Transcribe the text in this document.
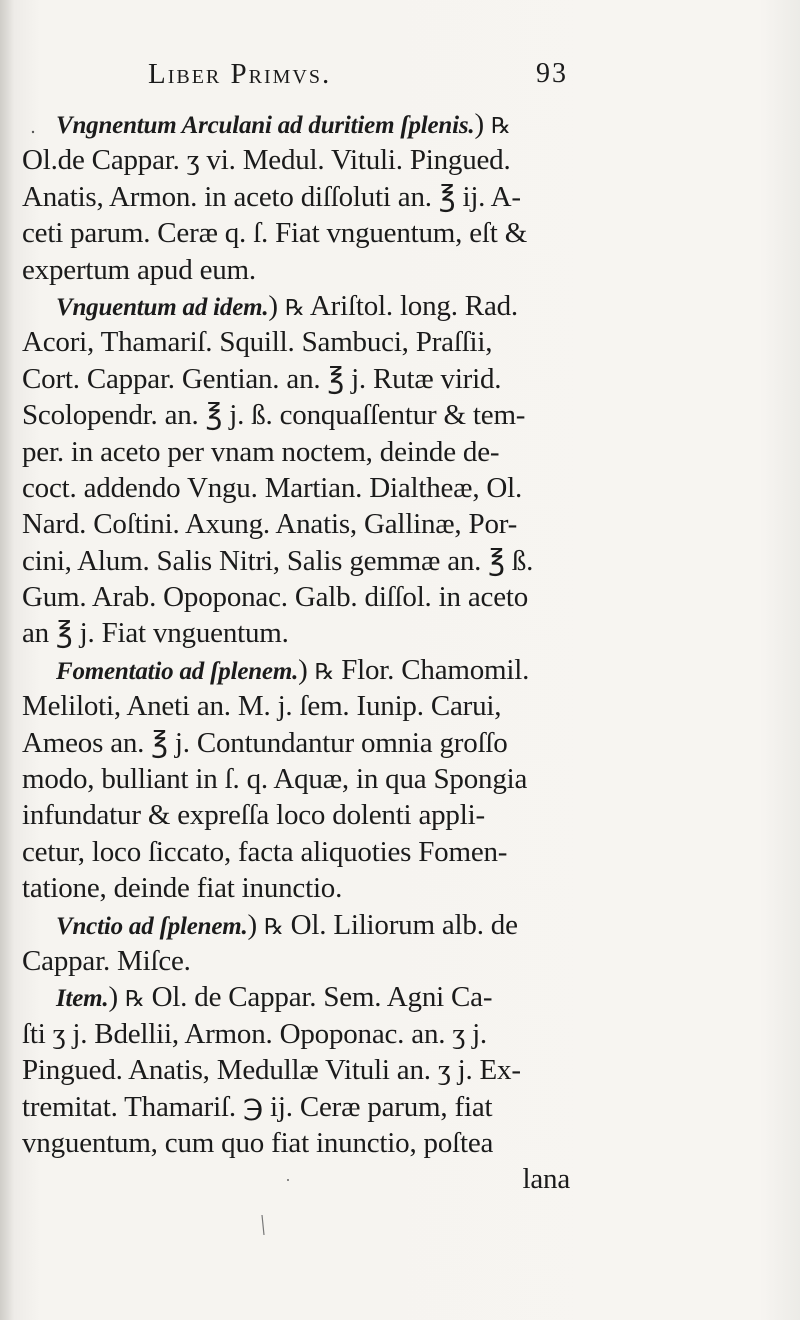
Liber Primvs.	93
Vngnentum Arculani ad duritiem ſplenis.) ℞
Ol.de Cappar. ʒ vi. Medul. Vituli. Pingued.
Anatis, Armon. in aceto diſſoluti an. ℥ ij. A-
ceti parum. Ceræ q. ſ. Fiat vnguentum, eſt &
expertum apud eum.
Vnguentum ad idem.) ℞ Ariſtol. long. Rad.
Acori, Thamariſ. Squill. Sambuci, Praſſii,
Cort. Cappar. Gentian. an. ℥ j. Rutæ virid.
Scolopendr. an. ℥ j. ß. conquaſſentur & tem-
per. in aceto per vnam noctem, deinde de-
coct. addendo Vngu. Martian. Dialtheæ, Ol.
Nard. Coſtini. Axung. Anatis, Gallinæ, Por-
cini, Alum. Salis Nitri, Salis gemmæ an. ℥ ß.
Gum. Arab. Opoponac. Galb. diſſol. in aceto
an ℥ j. Fiat vnguentum.
Fomentatio ad ſplenem.) ℞ Flor. Chamomil.
Meliloti, Aneti an. M. j. ſem. Iunip. Carui,
Ameos an. ℥ j. Contundantur omnia groſſo
modo, bulliant in ſ. q. Aquæ, in qua Spongia
infundatur & expreſſa loco dolenti appli-
cetur, loco ſiccato, facta aliquoties Fomen-
tatione, deinde fiat inunctio.
Vnctio ad ſplenem.) ℞ Ol. Liliorum alb. de
Cappar. Miſce.
Item.) ℞ Ol. de Cappar. Sem. Agni Ca-
ſti ʒ j. Bdellii, Armon. Opoponac. an. ʒ j.
Pingued. Anatis, Medullæ Vituli an. ʒ j. Ex-
tremitat. Thamariſ. ℈ ij. Ceræ parum, fiat
vnguentum, cum quo fiat inunctio, poſtea
lana
